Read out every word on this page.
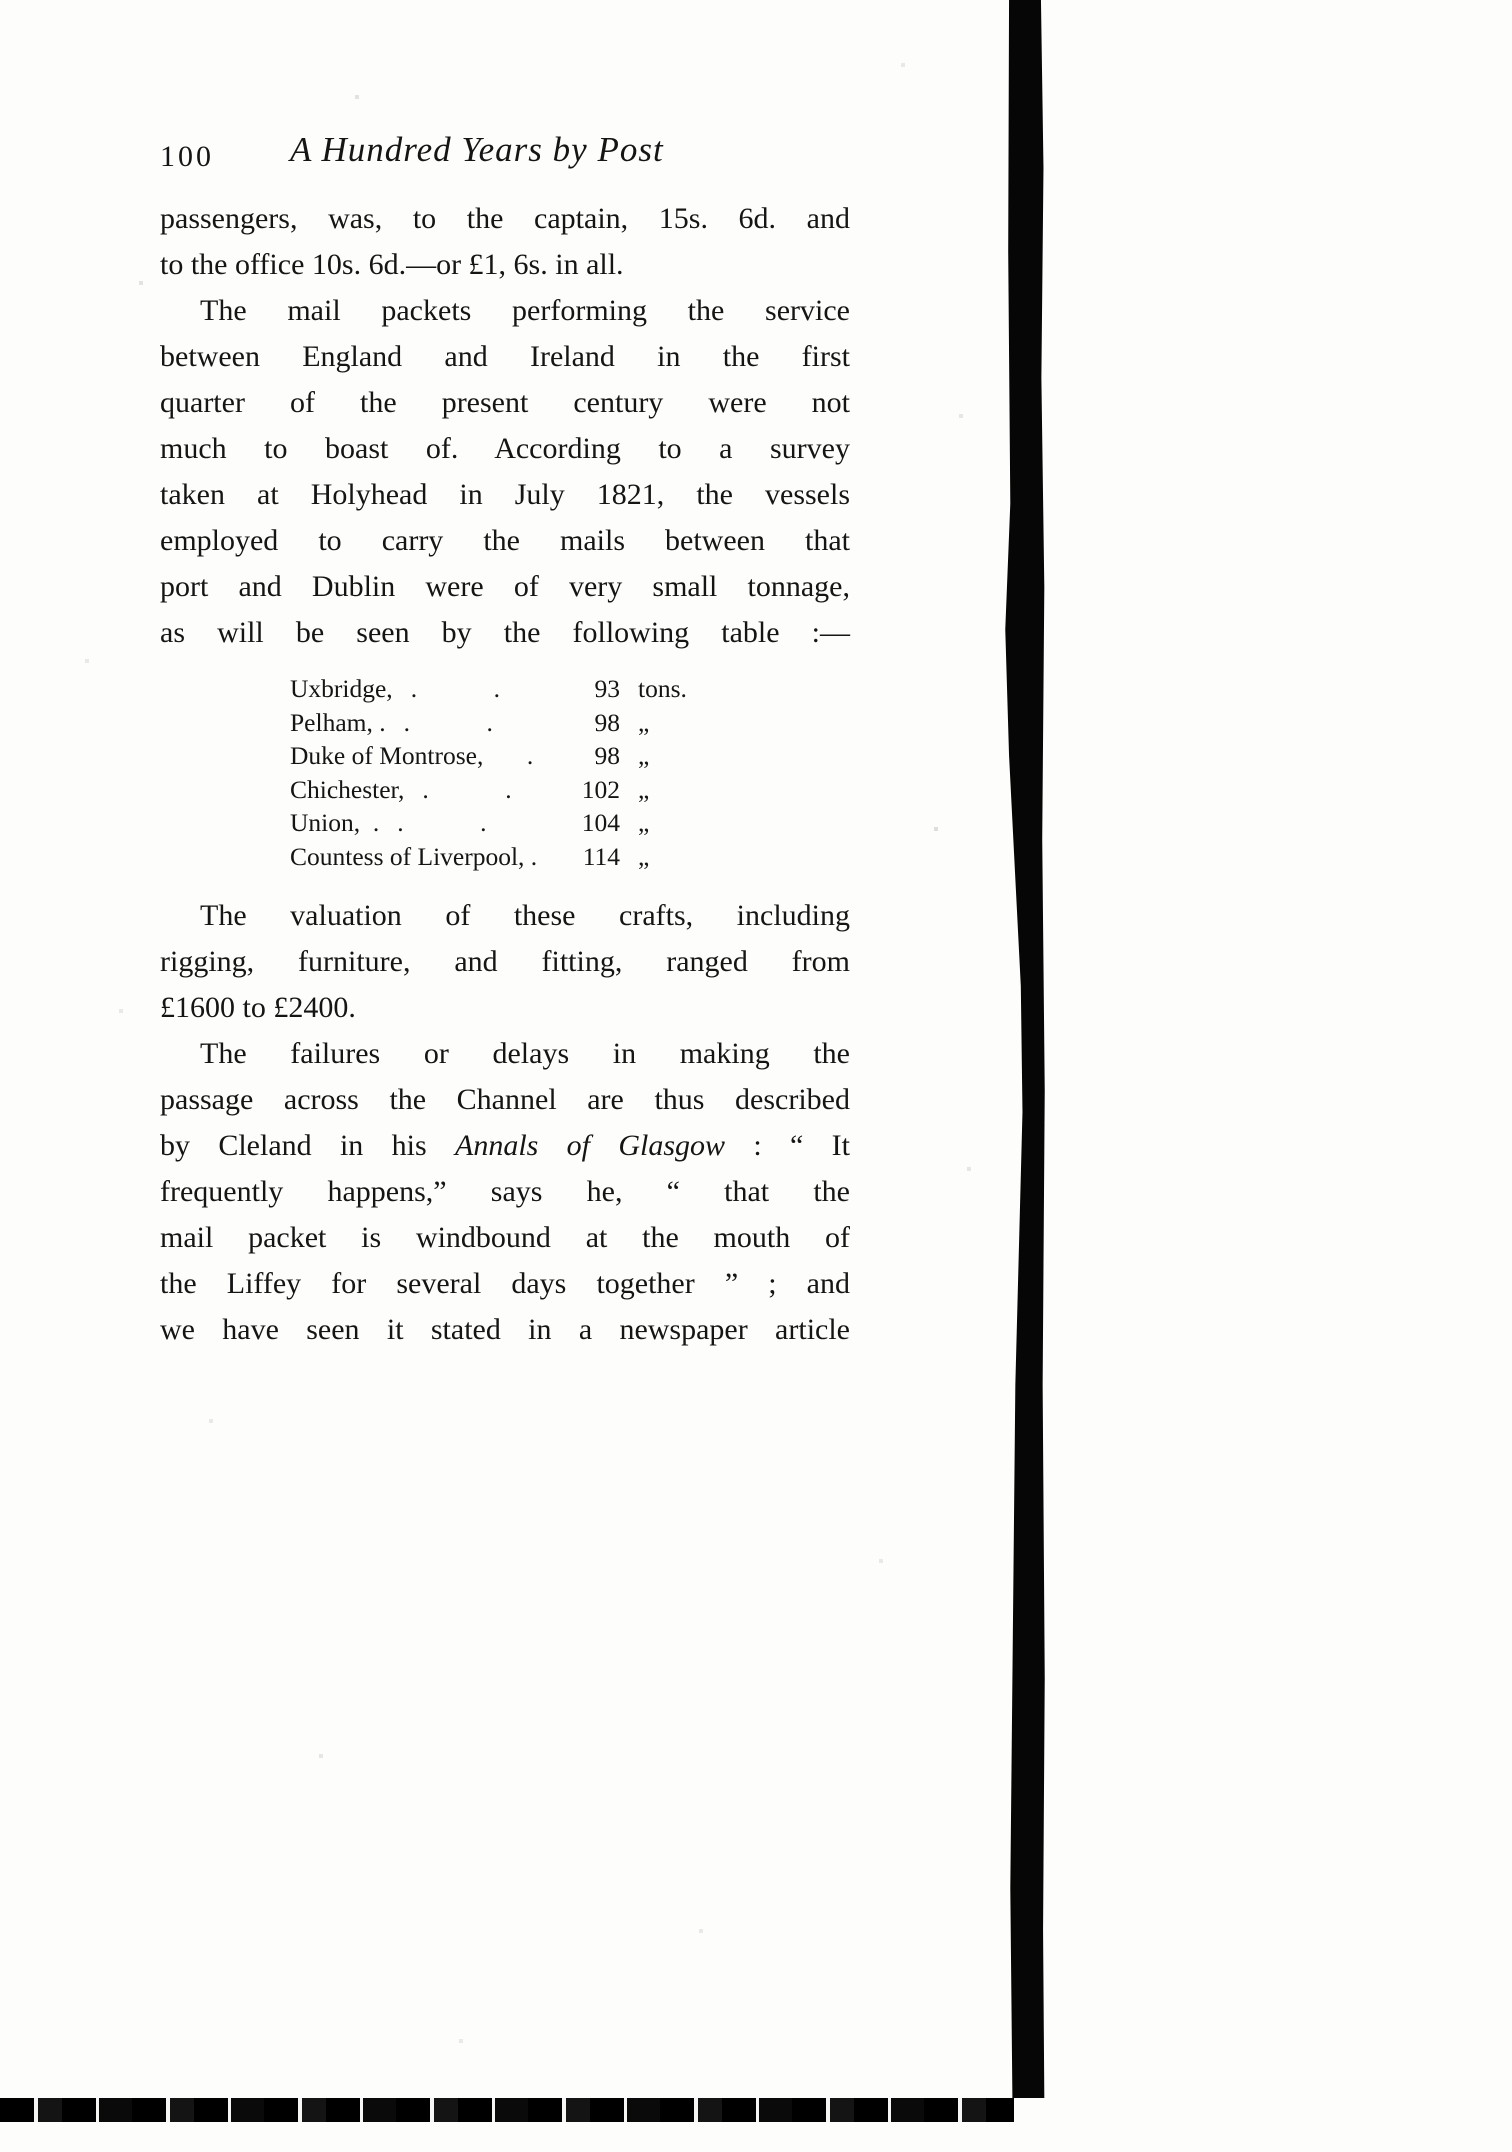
100 A Hundred Years by Post
passengers, was, to the captain, 15s. 6d. and
to the office 10s. 6d.—or £1, 6s. in all.
The mail packets performing the service
between England and Ireland in the first
quarter of the present century were not
much to boast of. According to a survey
taken at Holyhead in July 1821, the vessels
employed to carry the mails between that
port and Dublin were of very small tonnage,
as will be seen by the following table :—
Uxbridge, .   .	93 tons.
Pelham, . .   .	98 „
Duke of Montrose,  .	98 „
Chichester, .   .	102 „
Union,  . .   .	104 „
Countess of Liverpool, .	114 „
The valuation of these crafts, including
rigging, furniture, and fitting, ranged from
£1600 to £2400.
The failures or delays in making the
passage across the Channel are thus described
by Cleland in his Annals of Glasgow : “ It
frequently happens,” says he, “ that the
mail packet is windbound at the mouth of
the Liffey for several days together ” ; and
we have seen it stated in a newspaper article
